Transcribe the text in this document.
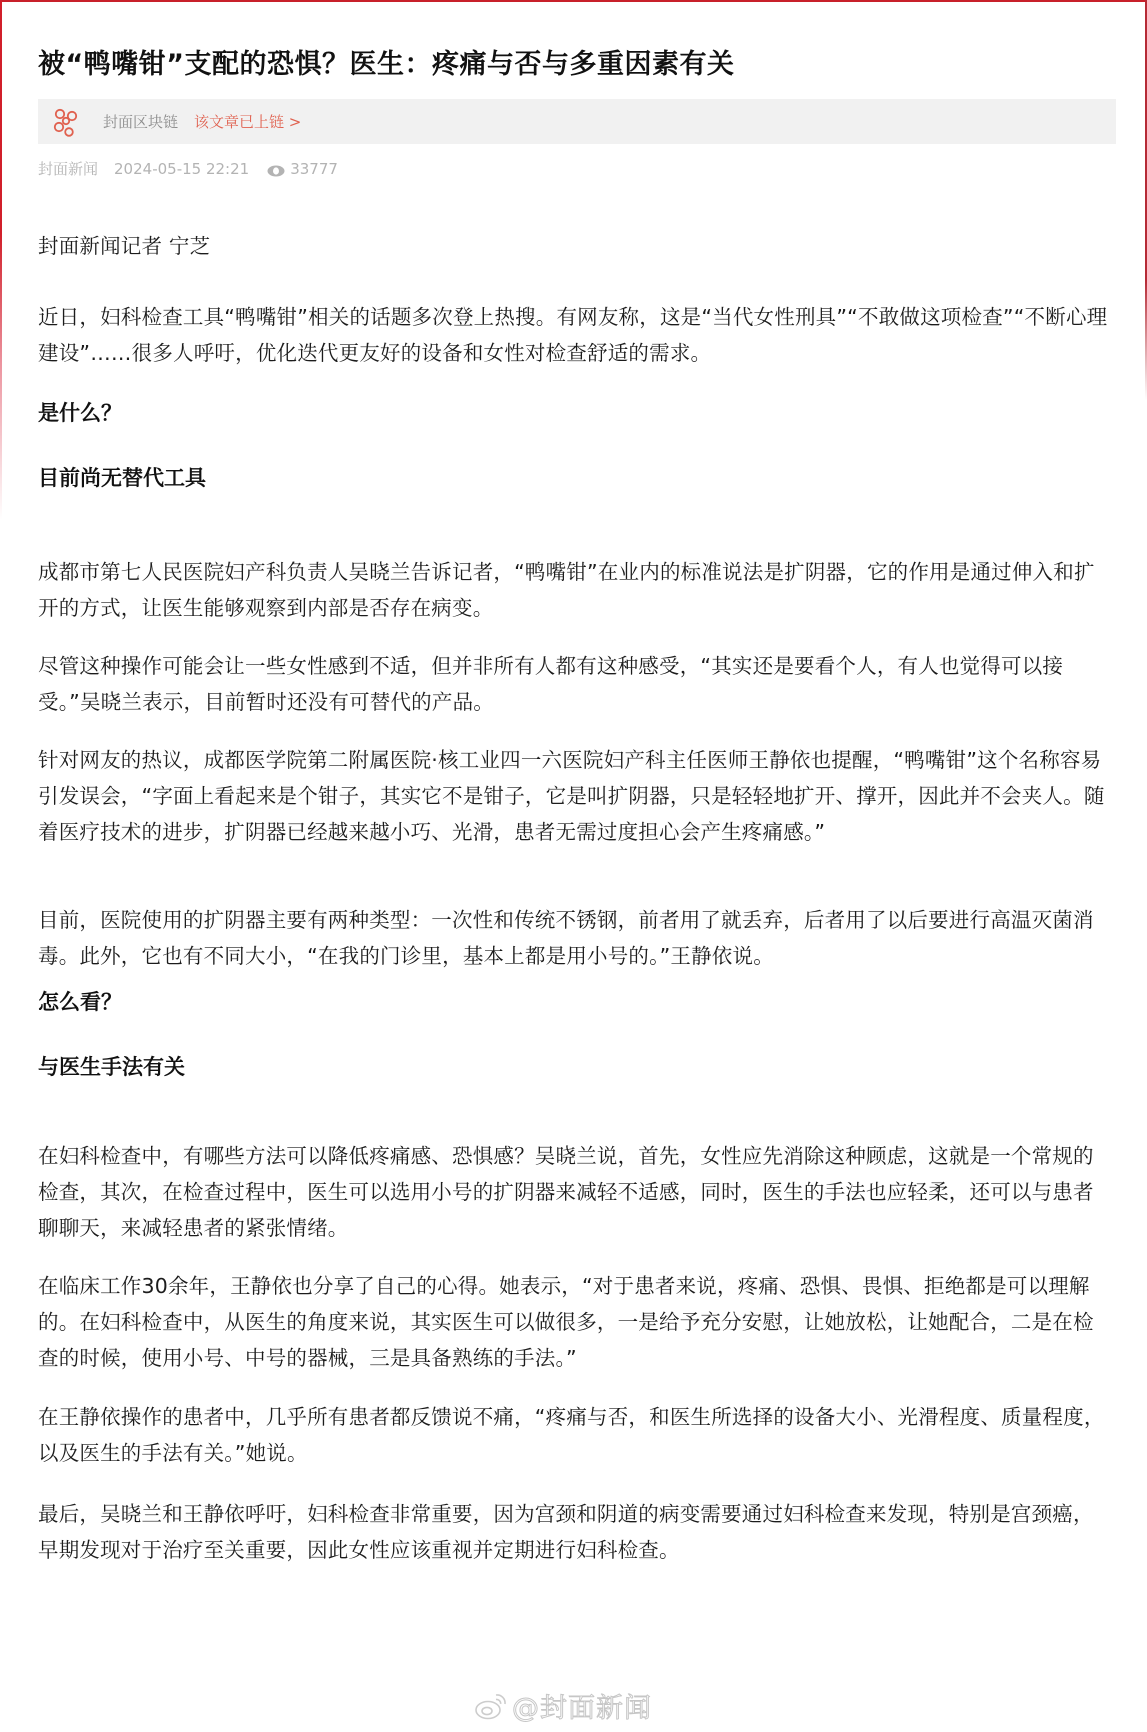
被“鸭嘴钳”支配的恐惧？医生：疼痛与否与多重因素有关
封面区块链 该文章已上链 >
封面新闻 2024-05-15 22:21	33777

封面新闻记者 宁芝

近日，妇科检查工具“鸭嘴钳”相关的话题多次登上热搜。有网友称，这是“当代女性刑具”“不敢做这项检查”“不断心理建设”……很多人呼吁，优化迭代更友好的设备和女性对检查舒适的需求。

是什么？
目前尚无替代工具

成都市第七人民医院妇产科负责人吴晓兰告诉记者，“鸭嘴钳”在业内的标准说法是扩阴器，它的作用是通过伸入和扩开的方式，让医生能够观察到内部是否存在病变。

尽管这种操作可能会让一些女性感到不适，但并非所有人都有这种感受，“其实还是要看个人，有人也觉得可以接受。”吴晓兰表示，目前暂时还没有可替代的产品。

针对网友的热议，成都医学院第二附属医院·核工业四一六医院妇产科主任医师王静依也提醒，“鸭嘴钳”这个名称容易引发误会，“字面上看起来是个钳子，其实它不是钳子，它是叫扩阴器，只是轻轻地扩开、撑开，因此并不会夹人。随着医疗技术的进步，扩阴器已经越来越小巧、光滑，患者无需过度担心会产生疼痛感。”

目前，医院使用的扩阴器主要有两种类型：一次性和传统不锈钢，前者用了就丢弃，后者用了以后要进行高温灭菌消毒。此外，它也有不同大小，“在我的门诊里，基本上都是用小号的。”王静依说。

怎么看？
与医生手法有关

在妇科检查中，有哪些方法可以降低疼痛感、恐惧感？吴晓兰说，首先，女性应先消除这种顾虑，这就是一个常规的检查，其次，在检查过程中，医生可以选用小号的扩阴器来减轻不适感，同时，医生的手法也应轻柔，还可以与患者聊聊天，来减轻患者的紧张情绪。

在临床工作30余年，王静依也分享了自己的心得。她表示，“对于患者来说，疼痛、恐惧、畏惧、拒绝都是可以理解的。在妇科检查中，从医生的角度来说，其实医生可以做很多，一是给予充分安慰，让她放松，让她配合，二是在检查的时候，使用小号、中号的器械，三是具备熟练的手法。”

在王静依操作的患者中，几乎所有患者都反馈说不痛，“疼痛与否，和医生所选择的设备大小、光滑程度、质量程度，以及医生的手法有关。”她说。

最后，吴晓兰和王静依呼吁，妇科检查非常重要，因为宫颈和阴道的病变需要通过妇科检查来发现，特别是宫颈癌，早期发现对于治疗至关重要，因此女性应该重视并定期进行妇科检查。

@封面新闻
